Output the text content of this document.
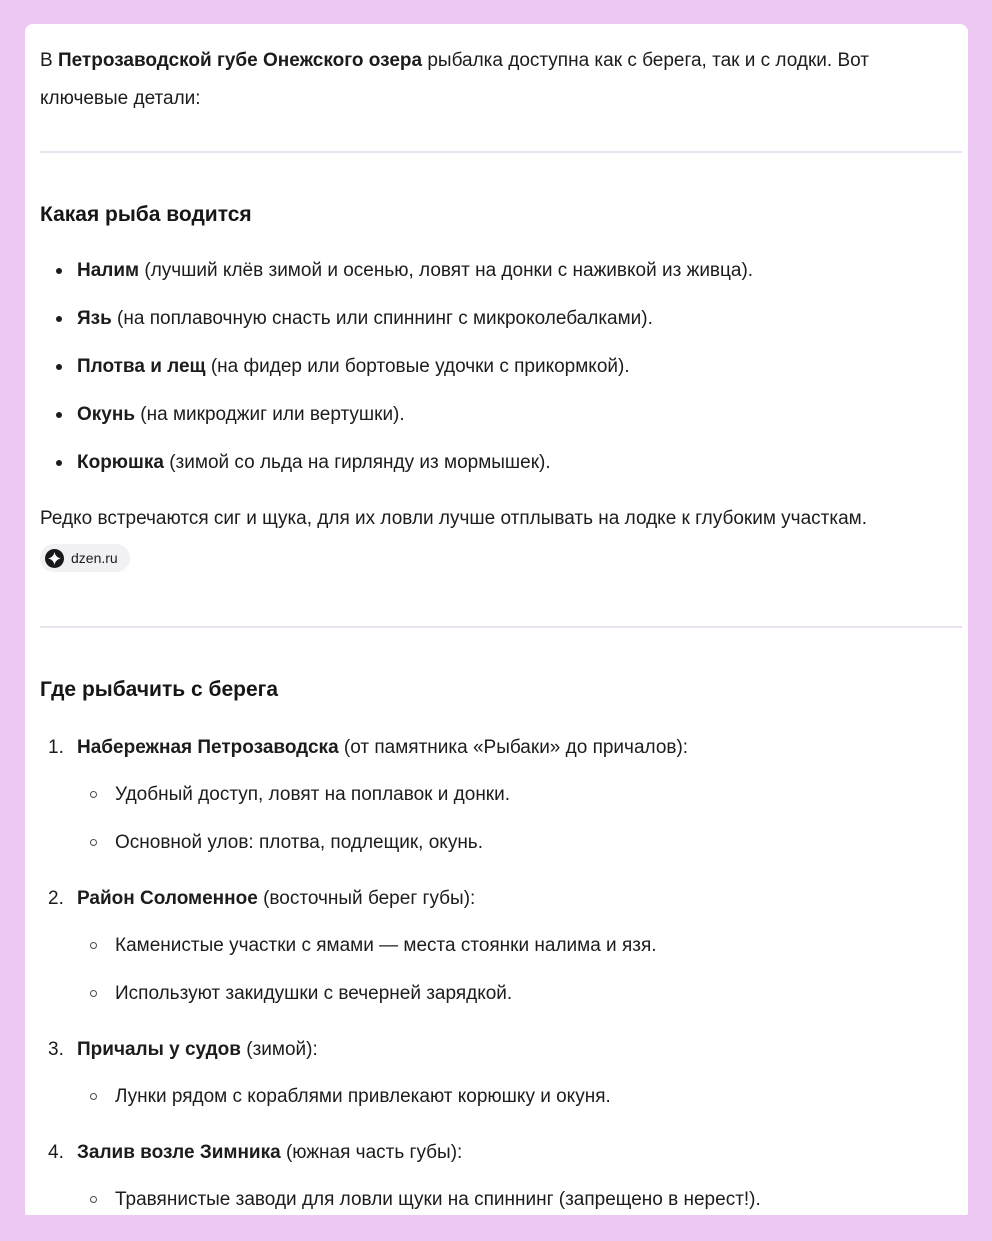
В Петрозаводской губе Онежского озера рыбалка доступна как с берега, так и с лодки. Вот ключевые детали:

Какая рыба водится
Налим (лучший клёв зимой и осенью, ловят на донки с наживкой из живца).
Язь (на поплавочную снасть или спиннинг с микроколебалками).
Плотва и лещ (на фидер или бортовые удочки с прикормкой).
Окунь (на микроджиг или вертушки).
Корюшка (зимой со льда на гирлянду из мормышек).

Редко встречаются сиг и щука, для их ловли лучше отплывать на лодке к глубоким участкам.

dzen.ru
Где рыбачить с берега
1. Набережная Петрозаводска (от памятника «Рыбаки» до причалов):
Удобный доступ, ловят на поплавок и донки.
Основной улов: плотва, подлещик, окунь.
2. Район Соломенное (восточный берег губы):
Каменистые участки с ямами — места стоянки налима и язя.
Используют закидушки с вечерней зарядкой.
3. Причалы у судов (зимой):
Лунки рядом с кораблями привлекают корюшку и окуня.
4. Залив возле Зимника (южная часть губы):
Травянистые заводи для ловли щуки на спиннинг (запрещено в нерест!).
